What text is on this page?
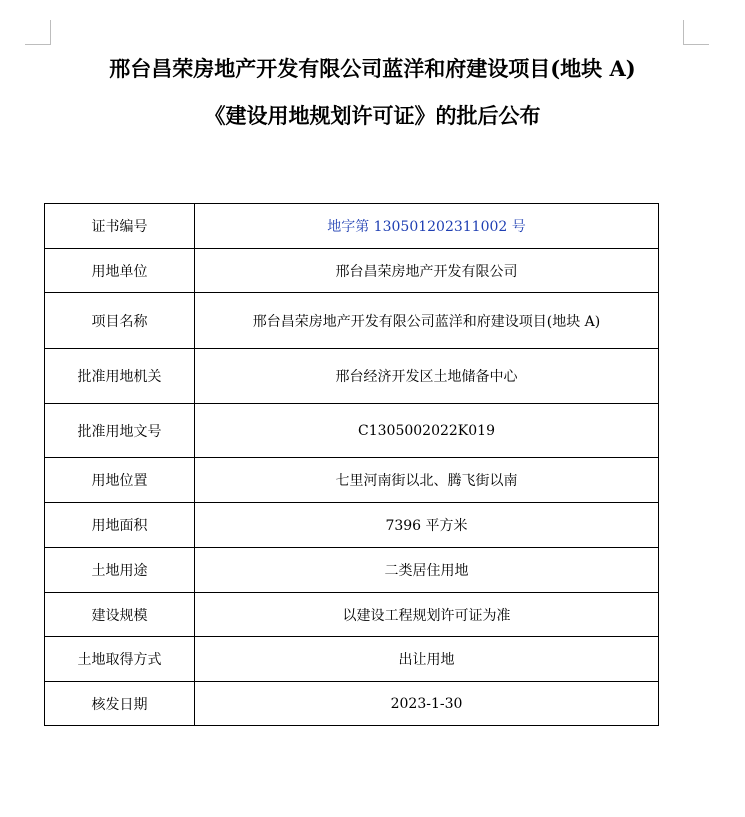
邢台昌荣房地产开发有限公司蓝洋和府建设项目(地块 A)
《建设用地规划许可证》的批后公布
证书编号	地字第 130501202311002 号
用地单位	邢台昌荣房地产开发有限公司
项目名称	邢台昌荣房地产开发有限公司蓝洋和府建设项目(地块 A)
批准用地机关	邢台经济开发区土地储备中心
批准用地文号	C1305002022K019
用地位置	七里河南街以北、腾飞街以南
用地面积	7396 平方米
土地用途	二类居住用地
建设规模	以建设工程规划许可证为准
土地取得方式	出让用地
核发日期	2023-1-30
